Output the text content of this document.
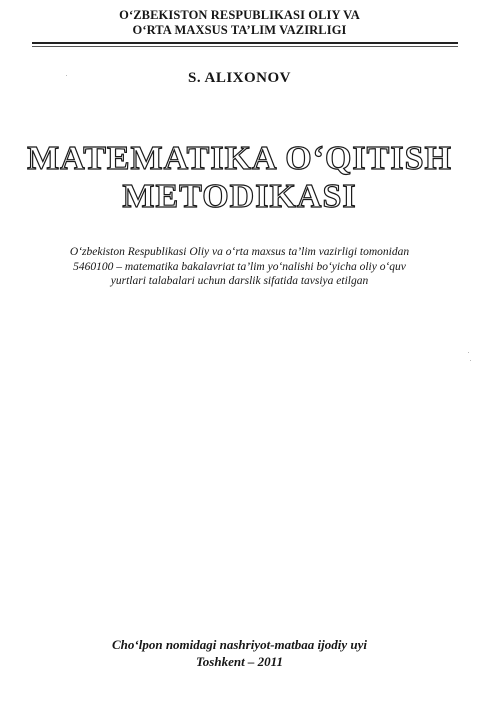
O‘ZBEKISTON RESPUBLIKASI OLIY VA
O‘RTA MAXSUS TA’LIM VAZIRLIGI
S. ALIXONOV
MATEMATIKA O‘QITISH
METODIKASI
O‘zbekiston Respublikasi Oliy va o‘rta maxsus ta’lim vazirligi tomonidan
5460100 – matematika bakalavriat ta’lim yo‘nalishi bo‘yicha oliy o‘quv
yurtlari talabalari uchun darslik sifatida tavsiya etilgan
Cho‘lpon nomidagi nashriyot-matbaa ijodiy uyi
Toshkent – 2011
